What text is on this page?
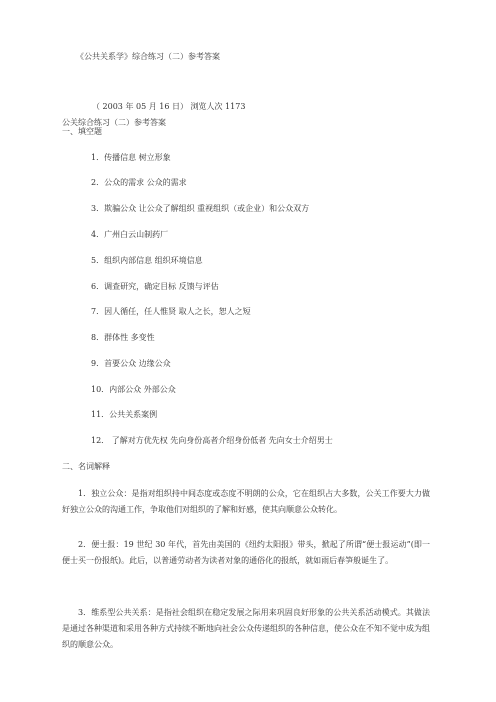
《公共关系学》综合练习（二）参考答案
（ 2003 年 05 月 16 日） 浏览人次 1173
公关综合练习（二）参考答案
一、填空题
1．传播信息 树立形象
2．公众的需求 公众的需求
3．欺骗公众 让公众了解组织 重视组织（或企业）和公众双方
4．广州白云山制药厂
5．组织内部信息 组织环境信息
6．调查研究，确定目标 反馈与评估
7．因人循任，任人惟贤 取人之长，恕人之短
8．群体性 多变性
9．首要公众 边缘公众
10．内部公众 外部公众
11．公共关系案例
12． 了解对方优先权 先向身份高者介绍身份低者 先向女士介绍男士
二、名词解释
1．独立公众：是指对组织持中间态度或态度不明朗的公众，它在组织占大多数，公关工作要大力做好独立公众的沟通工作，争取他们对组织的了解和好感，使其向顺意公众转化。
2．便士报：19 世纪 30 年代，首先由美国的《纽约太阳报》带头，掀起了所谓“便士报运动”(即一便士买一份报纸)。此后，以普通劳动者为读者对象的通俗化的报纸，就如雨后春笋般诞生了。
3．维系型公共关系：是指社会组织在稳定发展之际用来巩固良好形象的公共关系活动模式。其做法是通过各种渠道和采用各种方式持续不断地向社会公众传递组织的各种信息，使公众在不知不觉中成为组织的顺意公众。
